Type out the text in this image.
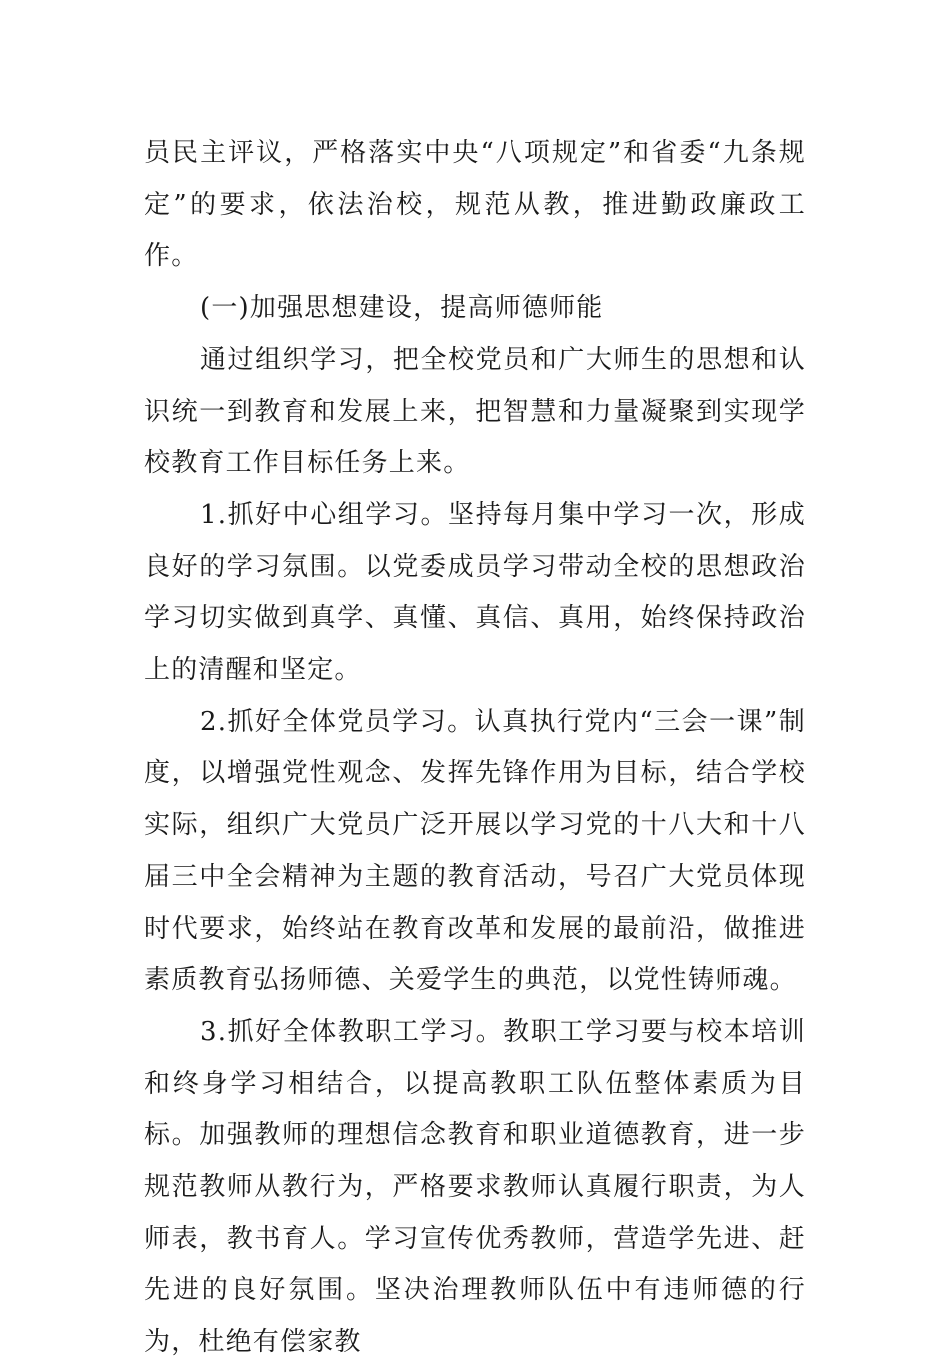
员民主评议，严格落实中央“八项规定”和省委“九条规定”的要求，依法治校，规范从教，推进勤政廉政工作。

(一)加强思想建设，提高师德师能

通过组织学习，把全校党员和广大师生的思想和认识统一到教育和发展上来，把智慧和力量凝聚到实现学校教育工作目标任务上来。

1.抓好中心组学习。坚持每月集中学习一次，形成良好的学习氛围。以党委成员学习带动全校的思想政治学习切实做到真学、真懂、真信、真用，始终保持政治上的清醒和坚定。

2.抓好全体党员学习。认真执行党内“三会一课”制度，以增强党性观念、发挥先锋作用为目标，结合学校实际，组织广大党员广泛开展以学习党的十八大和十八届三中全会精神为主题的教育活动，号召广大党员体现时代要求，始终站在教育改革和发展的最前沿，做推进素质教育弘扬师德、关爱学生的典范，以党性铸师魂。

3.抓好全体教职工学习。教职工学习要与校本培训和终身学习相结合，以提高教职工队伍整体素质为目标。加强教师的理想信念教育和职业道德教育，进一步规范教师从教行为，严格要求教师认真履行职责，为人师表，教书育人。学习宣传优秀教师，营造学先进、赶先进的良好氛围。坚决治理教师队伍中有违师德的行为，杜绝有偿家教
